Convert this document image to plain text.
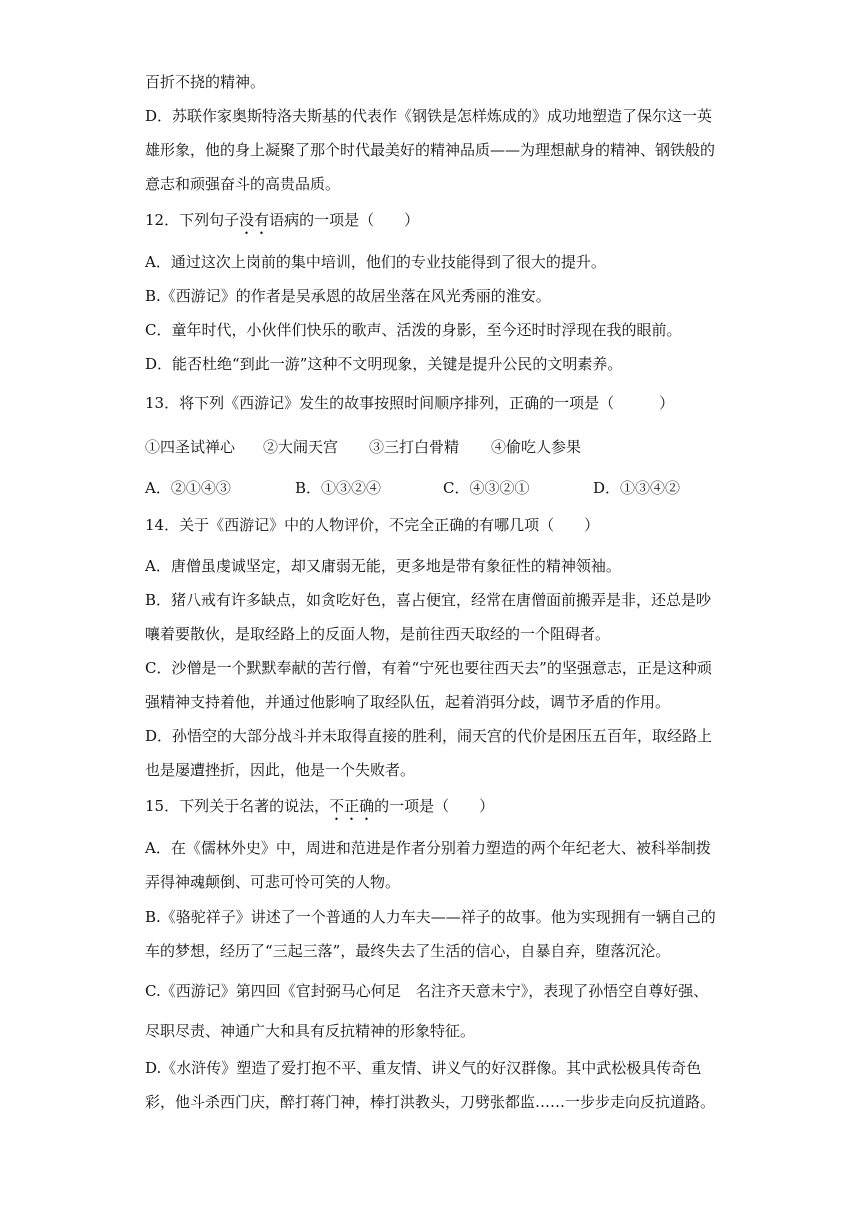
百折不挠的精神。
D．苏联作家奥斯特洛夫斯基的代表作《钢铁是怎样炼成的》成功地塑造了保尔这一英
雄形象，他的身上凝聚了那个时代最美好的精神品质——为理想献身的精神、钢铁般的
意志和顽强奋斗的高贵品质。
12．下列句子没有语病的一项是（　　）
A．通过这次上岗前的集中培训，他们的专业技能得到了很大的提升。
B.《西游记》的作者是吴承恩的故居坐落在风光秀丽的淮安。
C．童年时代，小伙伴们快乐的歌声、活泼的身影，至今还时时浮现在我的眼前。
D．能否杜绝“到此一游”这种不文明现象，关键是提升公民的文明素养。
13．将下列《西游记》发生的故事按照时间顺序排列，正确的一项是（　　　）
①四圣试禅心 ②大闹天宫 ③三打白骨精 ④偷吃人参果
A．②①④③	B．①③②④	C．④③②①	D．①③④②
14．关于《西游记》中的人物评价，不完全正确的有哪几项（　　）
A．唐僧虽虔诚坚定，却又庸弱无能，更多地是带有象征性的精神领袖。
B．猪八戒有许多缺点，如贪吃好色，喜占便宜，经常在唐僧面前搬弄是非，还总是吵
嚷着要散伙，是取经路上的反面人物，是前往西天取经的一个阻碍者。
C．沙僧是一个默默奉献的苦行僧，有着“宁死也要往西天去”的坚强意志，正是这种顽
强精神支持着他，并通过他影响了取经队伍，起着消弭分歧，调节矛盾的作用。
D．孙悟空的大部分战斗并未取得直接的胜利，闹天宫的代价是困压五百年，取经路上
也是屡遭挫折，因此，他是一个失败者。
15．下列关于名著的说法，不正确的一项是（　　）
A．在《儒林外史》中，周进和范进是作者分别着力塑造的两个年纪老大、被科举制拨
弄得神魂颠倒、可悲可怜可笑的人物。
B.《骆驼祥子》讲述了一个普通的人力车夫——祥子的故事。他为实现拥有一辆自己的
车的梦想，经历了“三起三落”，最终失去了生活的信心，自暴自弃，堕落沉沦。
C.《西游记》第四回《官封弼马心何足　名注齐天意未宁》，表现了孙悟空自尊好强、
尽职尽责、神通广大和具有反抗精神的形象特征。
D.《水浒传》塑造了爱打抱不平、重友情、讲义气的好汉群像。其中武松极具传奇色
彩，他斗杀西门庆，醉打蒋门神，棒打洪教头，刀劈张都监……一步步走向反抗道路。
